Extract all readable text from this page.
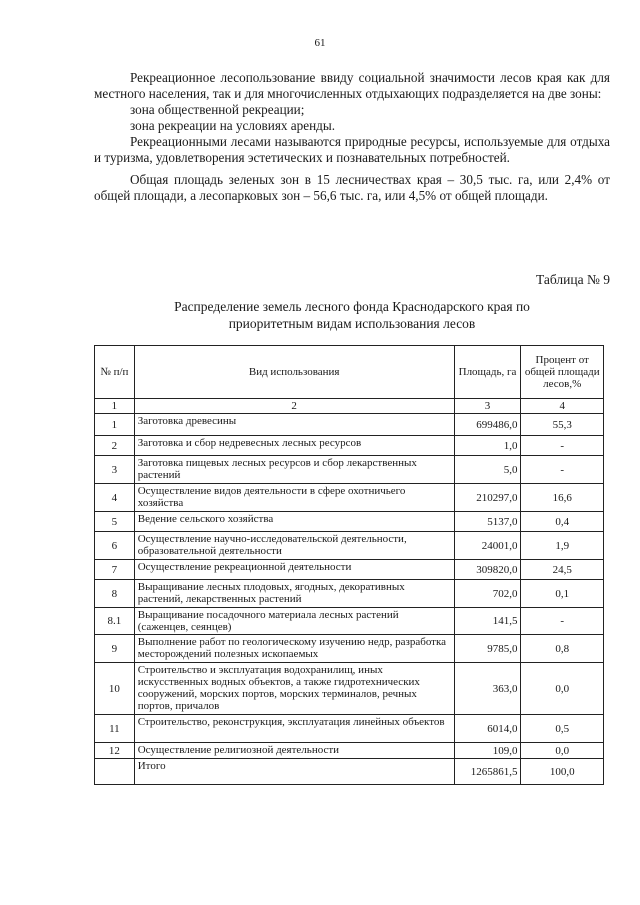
61

Рекреационное лесопользование ввиду социальной значимости лесов края как для местного населения, так и для многочисленных отдыхающих подразделяется на две зоны:

зона общественной рекреации;

зона рекреации на условиях аренды.

Рекреационными лесами называются природные ресурсы, используемые для отдыха и туризма, удовлетворения эстетических и познавательных потребностей.

Общая площадь зеленых зон в 15 лесничествах края – 30,5 тыс. га, или 2,4% от общей площади, а лесопарковых зон – 56,6 тыс. га, или 4,5% от общей площади.

Таблица № 9
Распределение земель лесного фонда Краснодарского края по
приоритетным видам использования лесов
№ п/п	Вид использования	Площадь, га	Процент от общей площади лесов,%
1	2	3	4
1	Заготовка древесины	699486,0	55,3
2	Заготовка и сбор недревесных лесных ресурсов	1,0	-
3	Заготовка пищевых лесных ресурсов и сбор лекарственных растений	5,0	-
4	Осуществление видов деятельности в сфере охотничьего хозяйства	210297,0	16,6
5	Ведение сельского хозяйства	5137,0	0,4
6	Осуществление научно-исследовательской деятельности, образовательной деятельности	24001,0	1,9
7	Осуществление рекреационной деятельности	309820,0	24,5
8	Выращивание лесных плодовых, ягодных, декоративных растений, лекарственных растений	702,0	0,1
8.1	Выращивание посадочного материала лесных растений (саженцев, сеянцев)	141,5	-
9	Выполнение работ по геологическому изучению недр, разработка месторождений полезных ископаемых	9785,0	0,8
10	Строительство и эксплуатация водохранилищ, иных искусственных водных объектов, а также гидротехнических сооружений, морских портов, морских терминалов, речных портов, причалов	363,0	0,0
11	Строительство, реконструкция, эксплуатация линейных объектов	6014,0	0,5
12	Осуществление религиозной деятельности	109,0	0,0
	Итого	1265861,5	100,0
